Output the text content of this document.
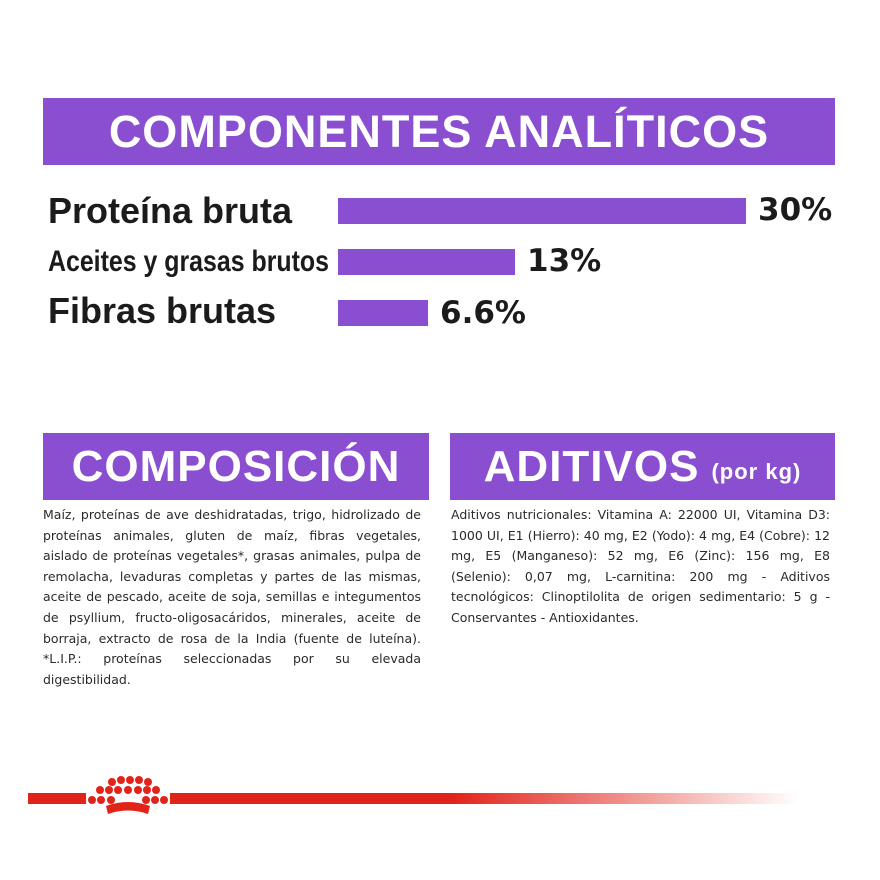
COMPONENTES ANALÍTICOS
Proteína bruta	30%
Aceites y grasas brutos	13%
Fibras brutas	6.6%
COMPOSICIÓN

Maíz, proteínas de ave deshidratadas, trigo, hidrolizado de proteínas animales, gluten de maíz, fibras vegetales, aislado de proteínas vegetales*, grasas animales, pulpa de remolacha, levaduras completas y partes de las mismas, aceite de pescado, aceite de soja, semillas e integumentos de psyllium, fructo-oligosacáridos, minerales, aceite de borraja, extracto de rosa de la India (fuente de luteína). *L.I.P.: proteínas seleccionadas por su elevada digestibilidad.

ADITIVOS (por kg)

Aditivos nutricionales: Vitamina A: 22000 UI, Vitamina D3: 1000 UI, E1 (Hierro): 40 mg, E2 (Yodo): 4 mg, E4 (Cobre): 12 mg, E5 (Manganeso): 52 mg, E6 (Zinc): 156 mg, E8 (Selenio): 0,07 mg, L-carnitina: 200 mg - Aditivos tecnológicos: Clinoptilolita de origen sedimentario: 5 g - Conservantes - Antioxidantes.
